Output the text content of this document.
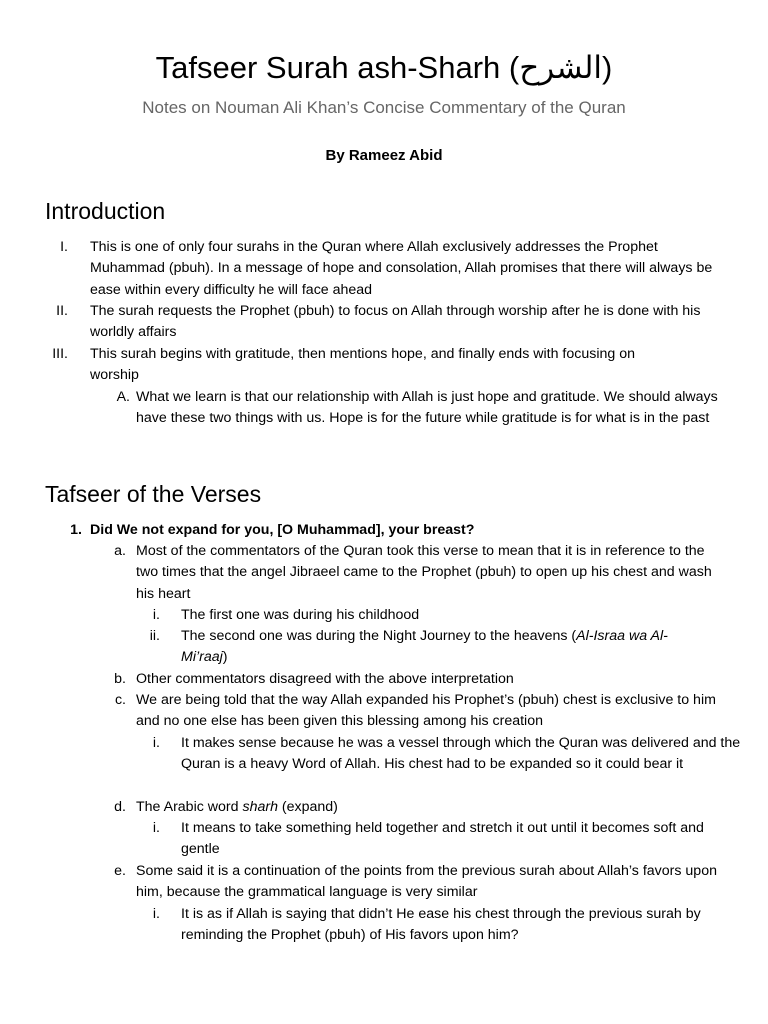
Tafseer Surah ash-Sharh (الشرح)
Notes on Nouman Ali Khan’s Concise Commentary of the Quran
By Rameez Abid
Introduction
I. This is one of only four surahs in the Quran where Allah exclusively addresses the Prophet Muhammad (pbuh). In a message of hope and consolation, Allah promises that there will always be ease within every difficulty he will face ahead
II. The surah requests the Prophet (pbuh) to focus on Allah through worship after he is done with his worldly affairs
III. This surah begins with gratitude, then mentions hope, and finally ends with focusing on worship
A. What we learn is that our relationship with Allah is just hope and gratitude. We should always have these two things with us. Hope is for the future while gratitude is for what is in the past
Tafseer of the Verses
1. Did We not expand for you, [O Muhammad], your breast?
a. Most of the commentators of the Quran took this verse to mean that it is in reference to the two times that the angel Jibraeel came to the Prophet (pbuh) to open up his chest and wash his heart
i. The first one was during his childhood
ii. The second one was during the Night Journey to the heavens (Al-Israa wa Al-Mi’raaj)
b. Other commentators disagreed with the above interpretation
c. We are being told that the way Allah expanded his Prophet’s (pbuh) chest is exclusive to him and no one else has been given this blessing among his creation
i. It makes sense because he was a vessel through which the Quran was delivered and the Quran is a heavy Word of Allah. His chest had to be expanded so it could bear it
d. The Arabic word sharh (expand)
i. It means to take something held together and stretch it out until it becomes soft and gentle
e. Some said it is a continuation of the points from the previous surah about Allah’s favors upon him, because the grammatical language is very similar
i. It is as if Allah is saying that didn’t He ease his chest through the previous surah by reminding the Prophet (pbuh) of His favors upon him?
